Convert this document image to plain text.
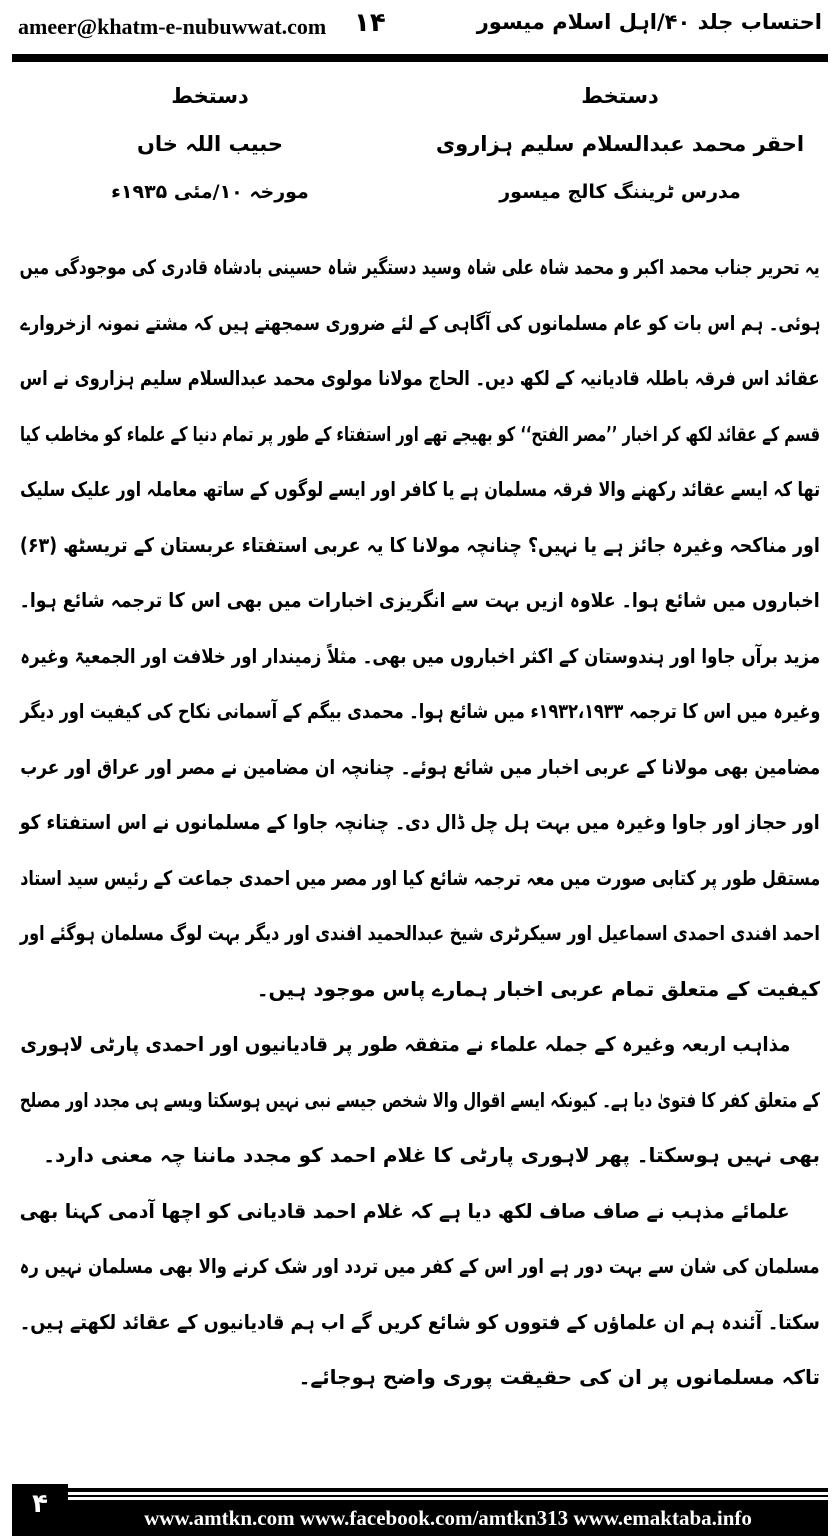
ameer@khatm-e-nubuwwat.com ۱۴	احتساب جلد ۴۰/اہل اسلام میسور
دستخط
احقر محمد عبدالسلام سلیم ہزاروی
مدرس ٹریننگ کالج میسور
دستخط
حبیب اللہ خاں
مورخہ ۱۰/مئی ۱۹۳۵ء
یہ تحریر جناب محمد اکبر و محمد شاہ علی شاہ وسید دستگیر شاہ حسینی بادشاہ قادری کی موجودگی میں
ہوئی۔ ہم اس بات کو عام مسلمانوں کی آگاہی کے لئے ضروری سمجھتے ہیں کہ مشتے نمونہ ازخروارے
عقائد اس فرقہ باطلہ قادیانیہ کے لکھ دیں۔ الحاج مولانا مولوی محمد عبدالسلام سلیم ہزاروی نے اس
قسم کے عقائد لکھ کر اخبار ’’مصر الفتح‘‘ کو بھیجے تھے اور استفتاء کے طور پر تمام دنیا کے علماء کو مخاطب کیا
تھا کہ ایسے عقائد رکھنے والا فرقہ مسلمان ہے یا کافر اور ایسے لوگوں کے ساتھ معاملہ اور علیک سلیک
اور مناکحہ وغیرہ جائز ہے یا نہیں؟ چنانچہ مولانا کا یہ عربی استفتاء عربستان کے تریسٹھ (۶۳)
اخباروں میں شائع ہوا۔ علاوہ ازیں بہت سے انگریزی اخبارات میں بھی اس کا ترجمہ شائع ہوا۔
مزید برآں جاوا اور ہندوستان کے اکثر اخباروں میں بھی۔ مثلاً زمیندار اور خلافت اور الجمعیۃ وغیرہ
وغیرہ میں اس کا ترجمہ ۱۹۳۲،۱۹۳۳ء میں شائع ہوا۔ محمدی بیگم کے آسمانی نکاح کی کیفیت اور دیگر
مضامین بھی مولانا کے عربی اخبار میں شائع ہوئے۔ چنانچہ ان مضامین نے مصر اور عراق اور عرب
اور حجاز اور جاوا وغیرہ میں بہت ہل چل ڈال دی۔ چنانچہ جاوا کے مسلمانوں نے اس استفتاء کو
مستقل طور پر کتابی صورت میں معہ ترجمہ شائع کیا اور مصر میں احمدی جماعت کے رئیس سید استاد
احمد افندی احمدی اسماعیل اور سیکرٹری شیخ عبدالحمید افندی اور دیگر بہت لوگ مسلمان ہوگئے اور
کیفیت کے متعلق تمام عربی اخبار ہمارے پاس موجود ہیں۔
مذاہب اربعہ وغیرہ کے جملہ علماء نے متفقہ طور پر قادیانیوں اور احمدی پارٹی لاہوری
کے متعلق کفر کا فتویٰ دیا ہے۔ کیونکہ ایسے اقوال والا شخص جیسے نبی نہیں ہوسکتا ویسے ہی مجدد اور مصلح
بھی نہیں ہوسکتا۔ پھر لاہوری پارٹی کا غلام احمد کو مجدد ماننا چہ معنی دارد۔
علمائے مذہب نے صاف صاف لکھ دیا ہے کہ غلام احمد قادیانی کو اچھا آدمی کہنا بھی
مسلمان کی شان سے بہت دور ہے اور اس کے کفر میں تردد اور شک کرنے والا بھی مسلمان نہیں رہ
سکتا۔ آئندہ ہم ان علماؤں کے فتووں کو شائع کریں گے اب ہم قادیانیوں کے عقائد لکھتے ہیں۔
تاکہ مسلمانوں پر ان کی حقیقت پوری واضح ہوجائے۔
۴	www.amtkn.com www.facebook.com/amtkn313 www.emaktaba.info
